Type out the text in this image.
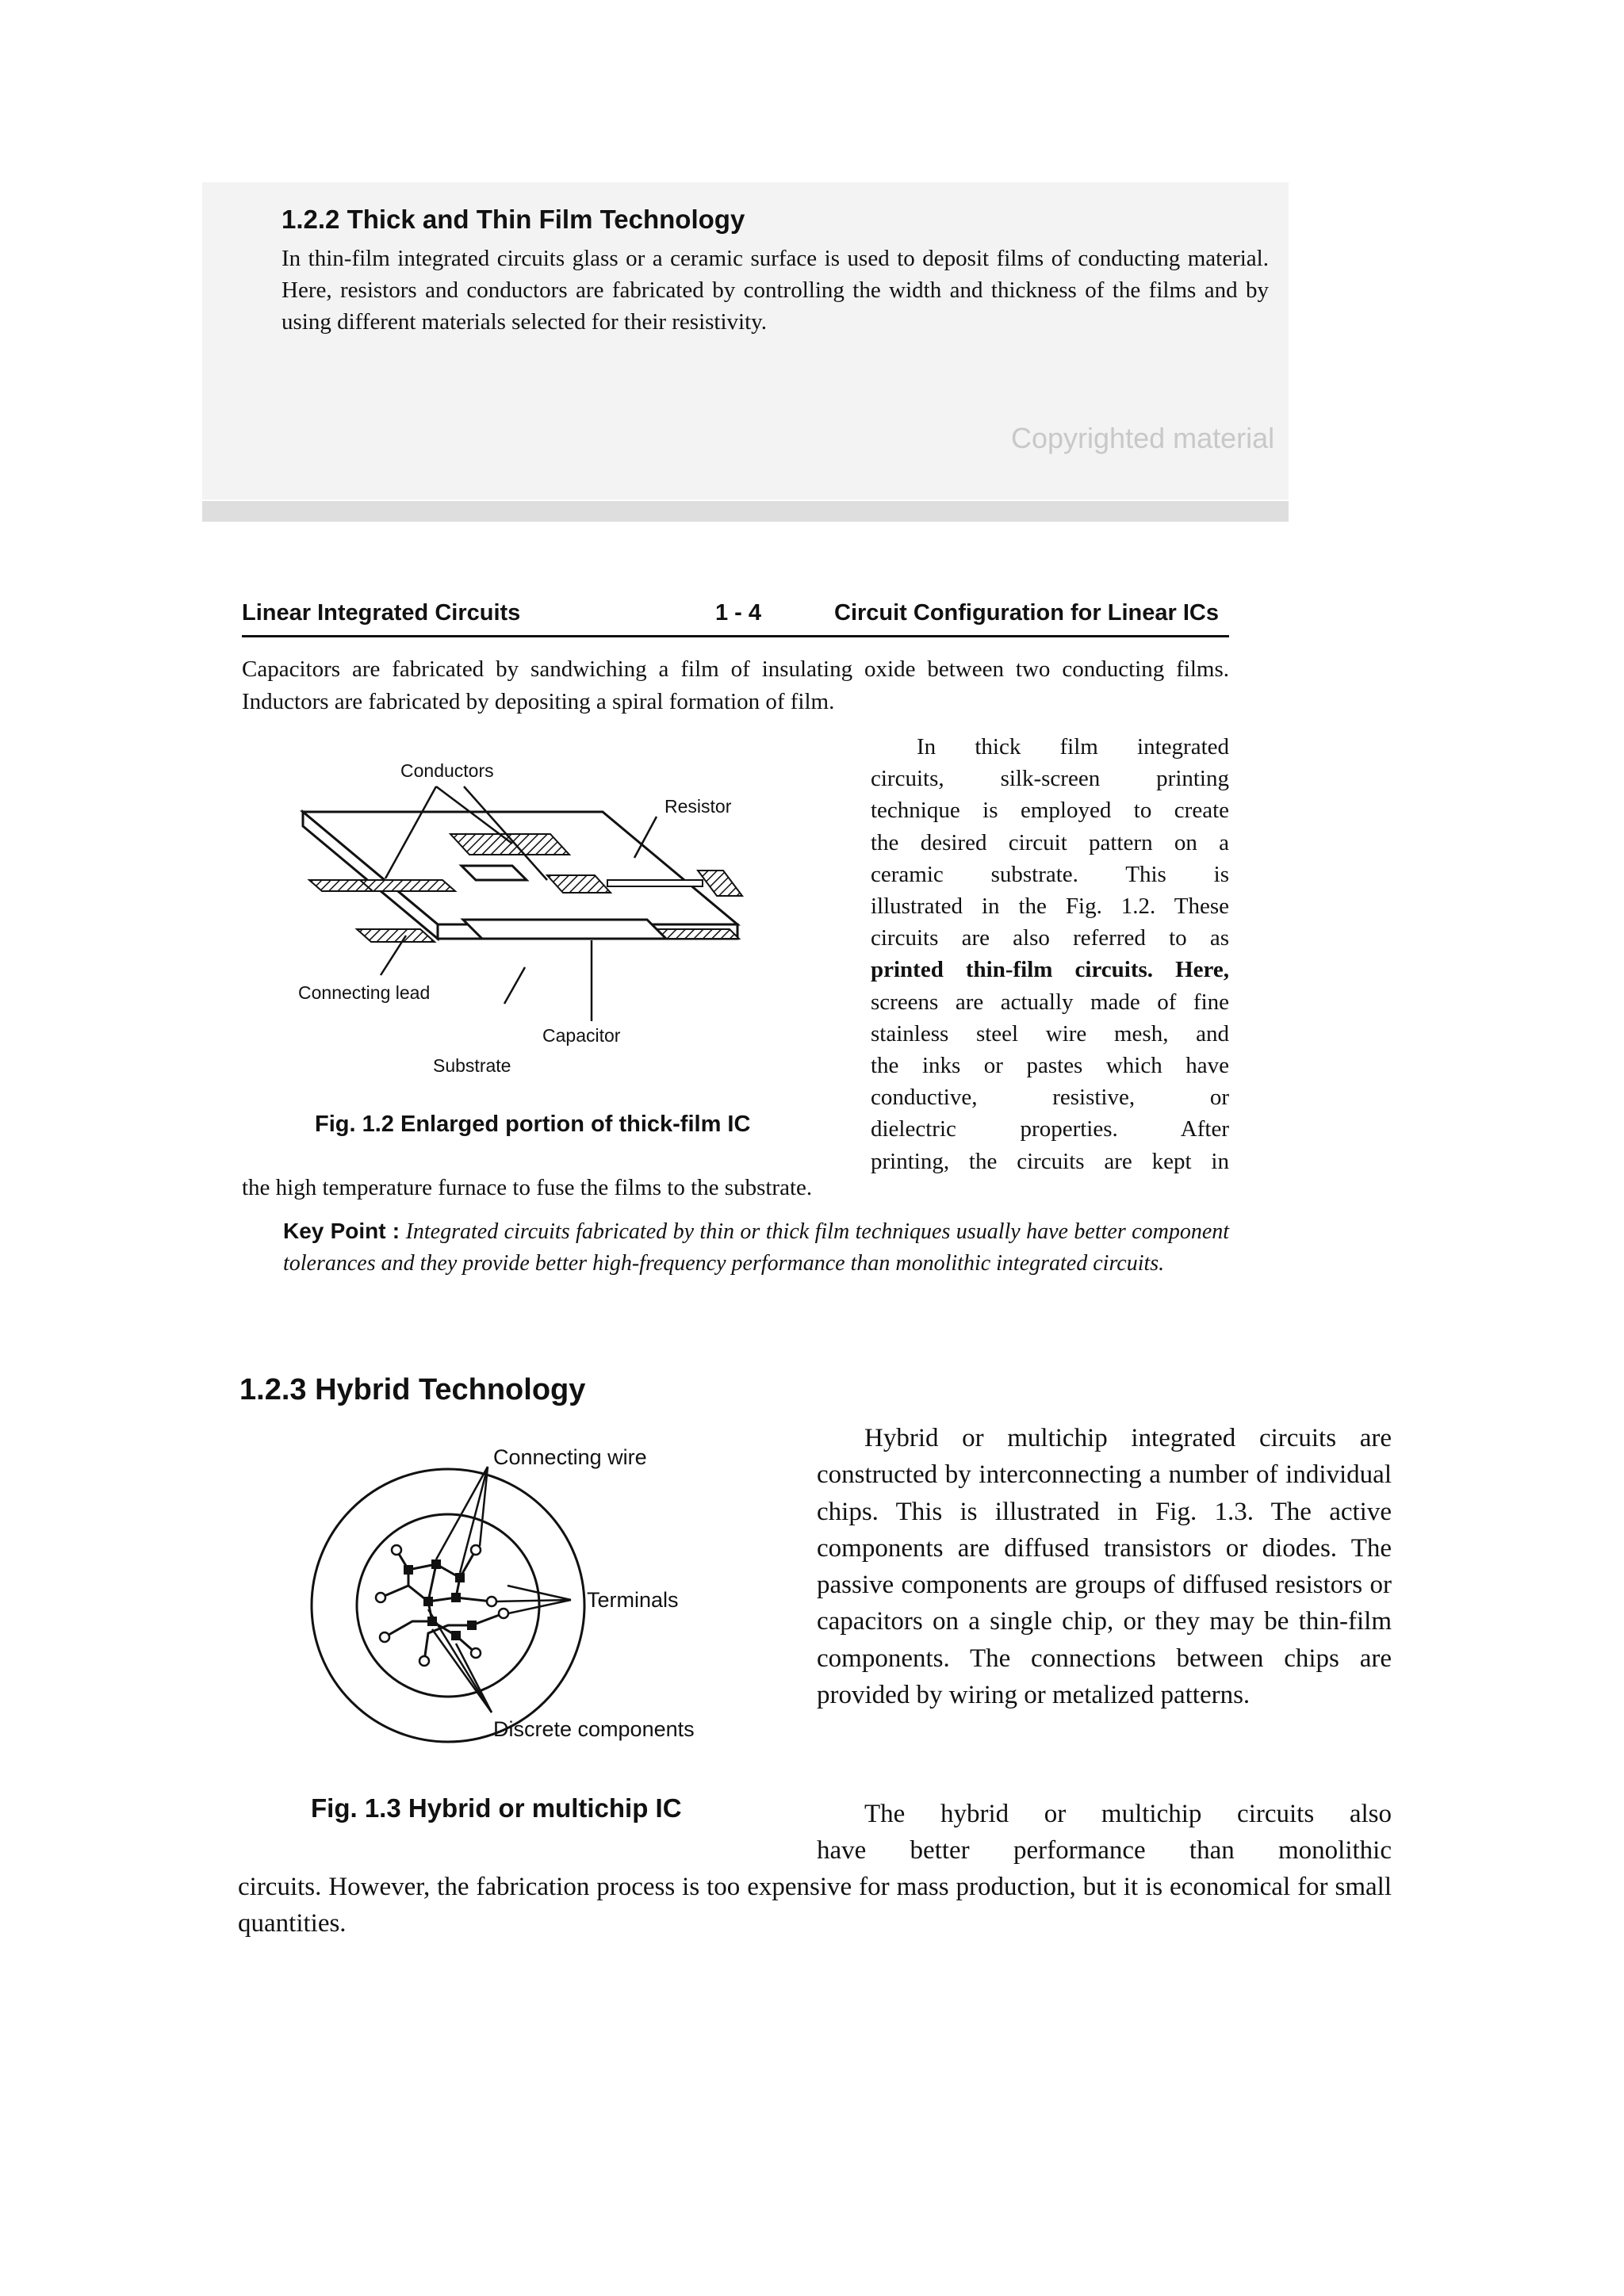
1.2.2 Thick and Thin Film Technology
In thin-film integrated circuits glass or a ceramic surface is used to deposit films of conducting material. Here, resistors and conductors are fabricated by controlling the width and thickness of the films and by using different materials selected for their resistivity.
Copyrighted material
Linear Integrated Circuits	1 - 4	Circuit Configuration for Linear ICs
Capacitors are fabricated by sandwiching a film of insulating oxide between two conducting films. Inductors are fabricated by depositing a spiral formation of film.
Conductors
Resistor
Connecting lead
Capacitor
Substrate
Fig. 1.2 Enlarged portion of thick-film IC
In thick film integrated
circuits, silk-screen printing
technique is employed to create
the desired circuit pattern on a
ceramic substrate. This is
illustrated in the Fig. 1.2. These
circuits are also referred to as
printed thin-film circuits. Here,
screens are actually made of fine
stainless steel wire mesh, and
the inks or pastes which have
conductive, resistive, or
dielectric properties. After
printing, the circuits are kept in
the high temperature furnace to fuse the films to the substrate.
Key Point : Integrated circuits fabricated by thin or thick film techniques usually have better component tolerances and they provide better high-frequency performance than monolithic integrated circuits.
1.2.3 Hybrid Technology
Connecting wire
Terminals
Discrete components
Fig. 1.3 Hybrid or multichip IC
Hybrid or multichip integrated circuits are constructed by interconnecting a number of individual chips. This is illustrated in Fig. 1.3. The active components are diffused transistors or diodes. The passive components are groups of diffused resistors or capacitors on a single chip, or they may be thin-film components. The connections between chips are provided by wiring or metalized patterns.
The hybrid or multichip circuits also
have better performance than monolithic
circuits. However, the fabrication process is too expensive for mass production, but it is economical for small quantities.
